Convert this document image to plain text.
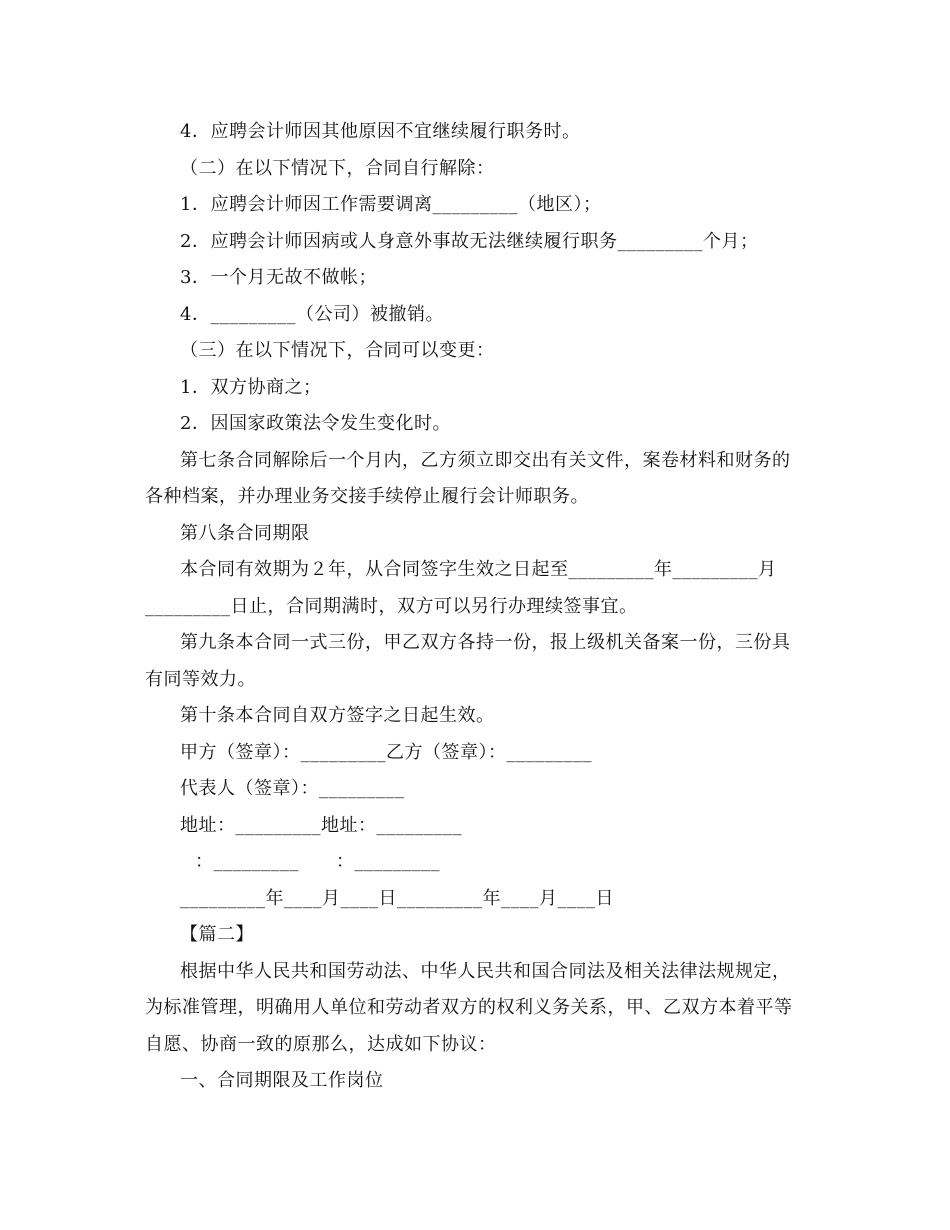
4．应聘会计师因其他原因不宜继续履行职务时。
（二）在以下情况下，合同自行解除：
1．应聘会计师因工作需要调离_________（地区）；
2．应聘会计师因病或人身意外事故无法继续履行职务_________个月；
3．一个月无故不做帐；
4．_________（公司）被撤销。
（三）在以下情况下，合同可以变更：
1．双方协商之；
2．因国家政策法令发生变化时。
第七条合同解除后一个月内，乙方须立即交出有关文件，案卷材料和财务的
各种档案，并办理业务交接手续停止履行会计师职务。
第八条合同期限
本合同有效期为２年，从合同签字生效之日起至_________年_________月
_________日止，合同期满时，双方可以另行办理续签事宜。
第九条本合同一式三份，甲乙双方各持一份，报上级机关备案一份，三份具
有同等效力。
第十条本合同自双方签字之日起生效。
甲方（签章）：_________乙方（签章）：_________
代表人（签章）：_________
地址：_________地址：_________
：_________　　：_________
_________年____月____日_________年____月____日
【篇二】
根据中华人民共和国劳动法、中华人民共和国合同法及相关法律法规规定，
为标准管理，明确用人单位和劳动者双方的权利义务关系，甲、乙双方本着平等
自愿、协商一致的原那么，达成如下协议：
一、合同期限及工作岗位
